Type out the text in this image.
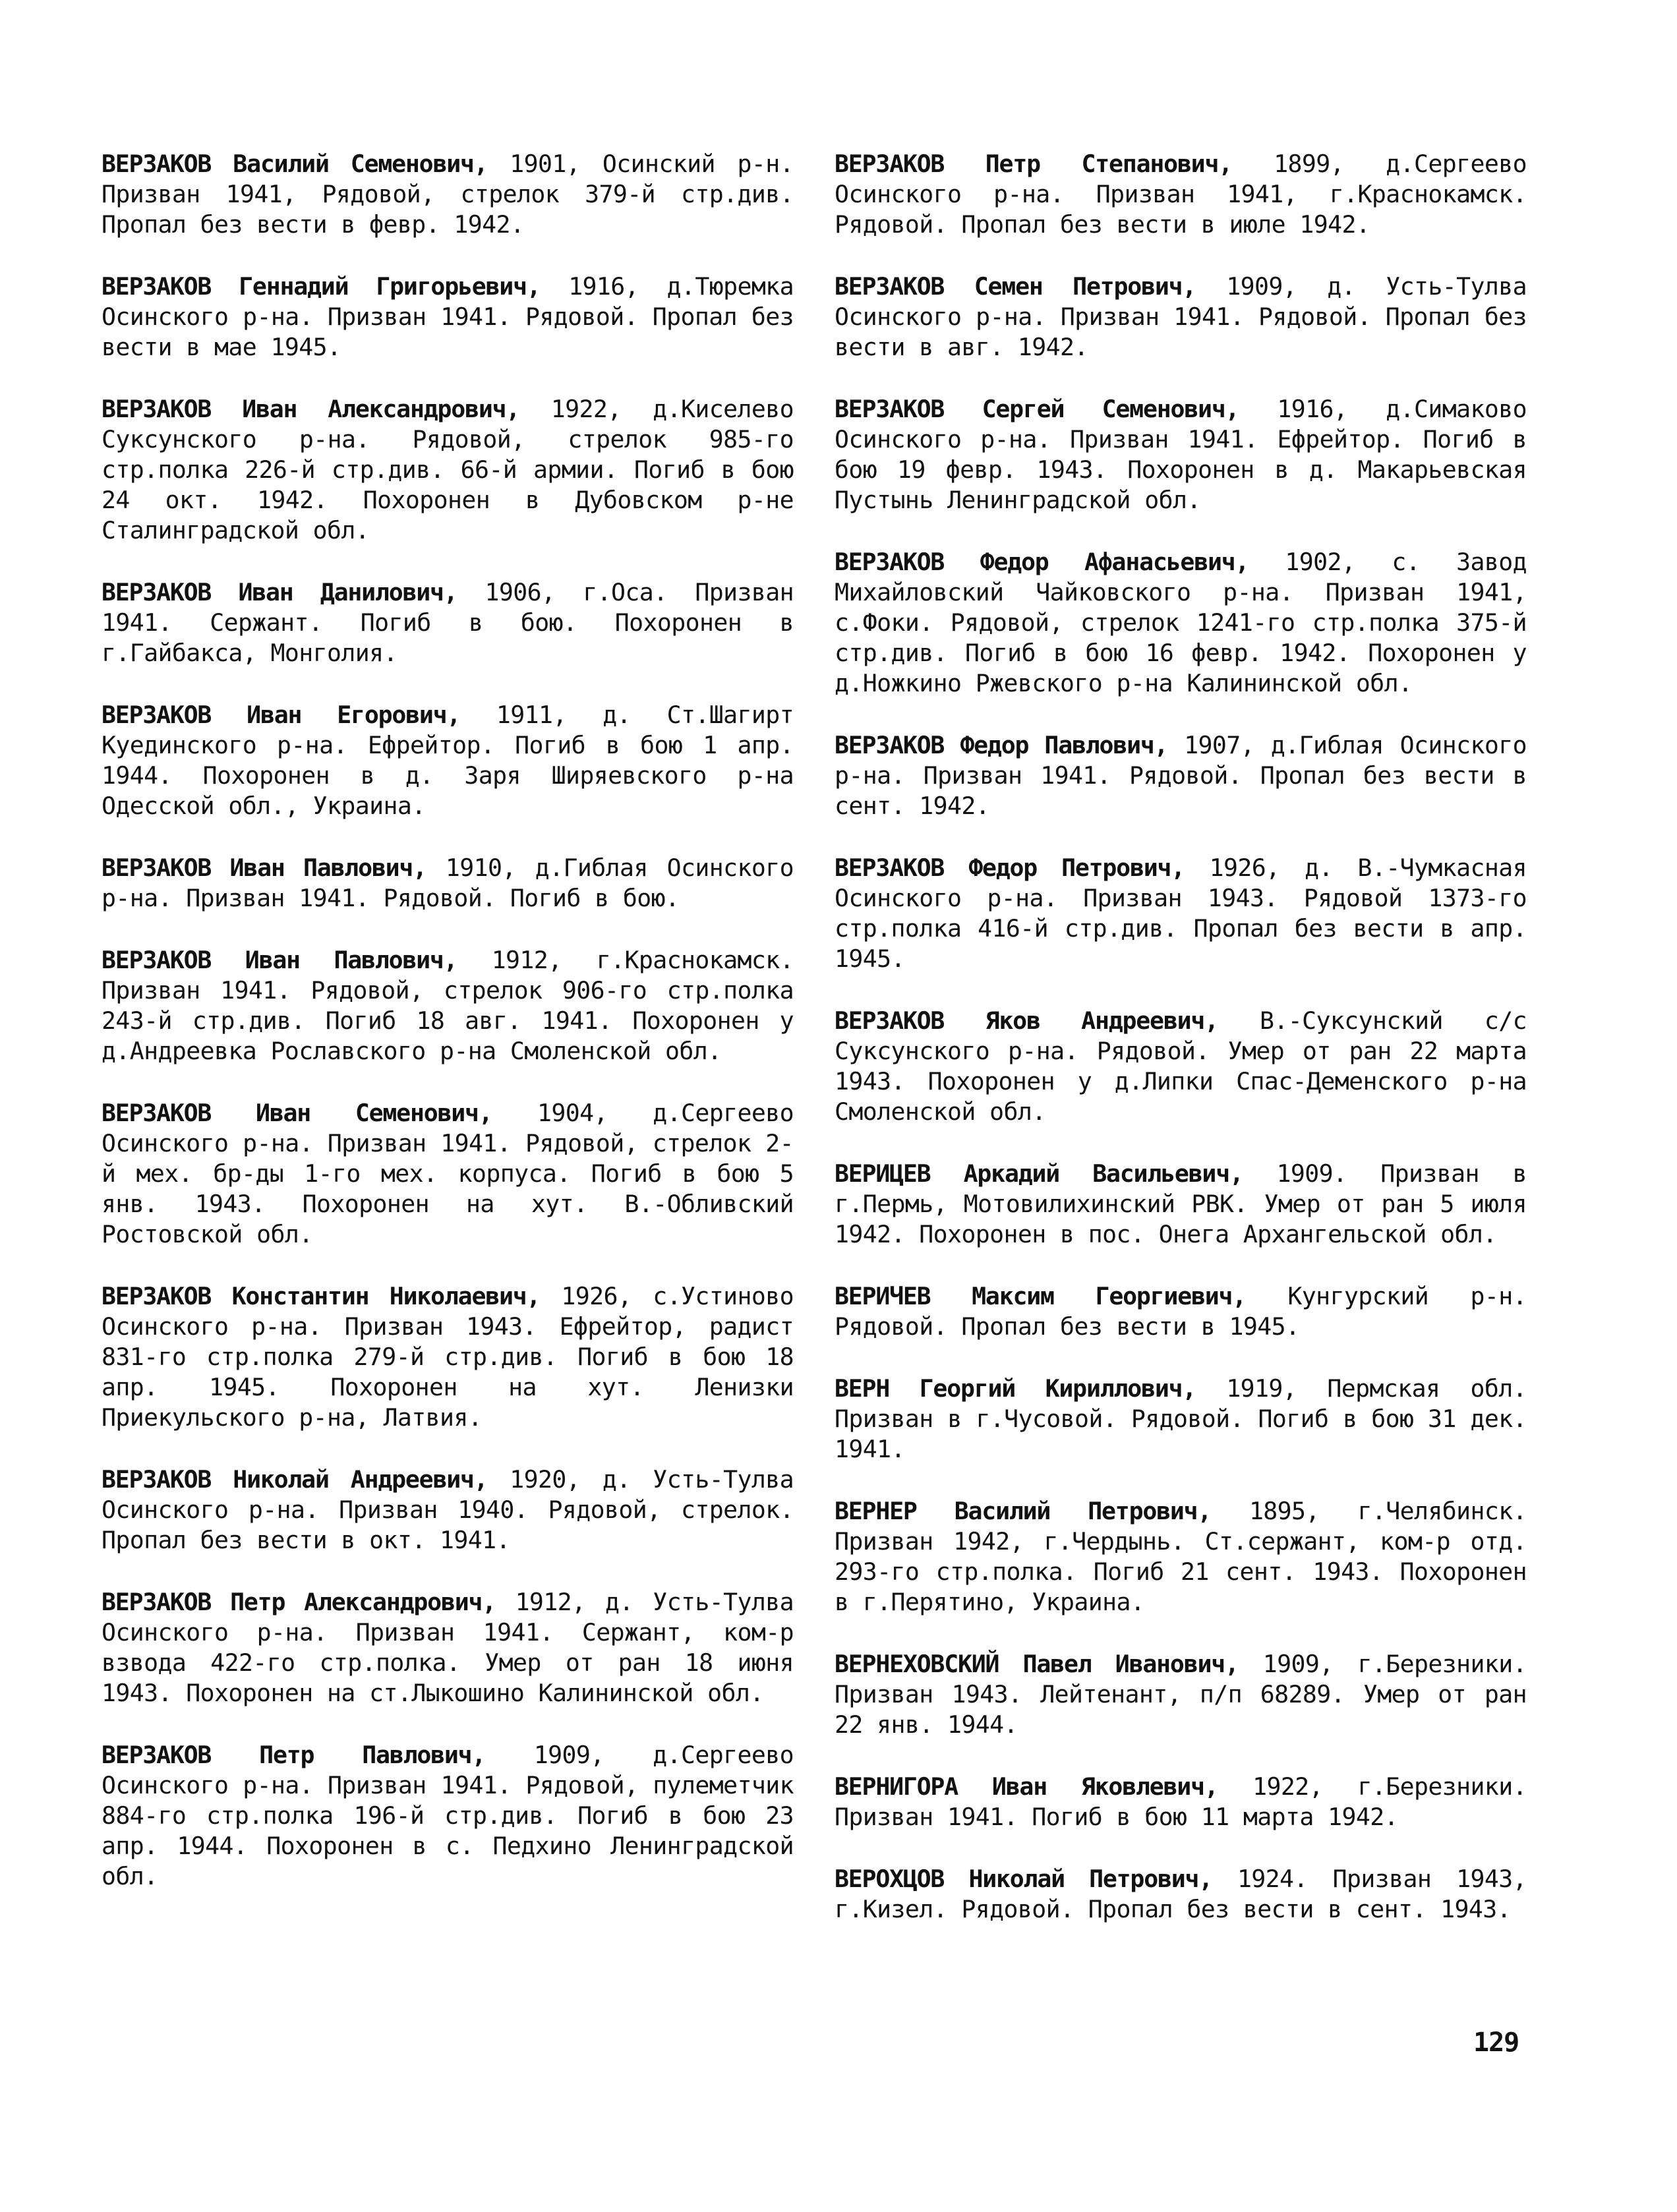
ВЕРЗАКОВ Василий Семенович, 1901, Осинский р-н. Призван 1941, Рядовой, стрелок 379-й стр.див. Пропал без вести в февр. 1942.

ВЕРЗАКОВ Геннадий Григорьевич, 1916, д.Тюремка Осинского р-на. Призван 1941. Рядовой. Пропал без вести в мае 1945.

ВЕРЗАКОВ Иван Александрович, 1922, д.Киселево Суксунского р-на. Рядовой, стрелок 985-го стр.полка 226-й стр.див. 66-й армии. Погиб в бою 24 окт. 1942. Похоронен в Дубовском р-не Сталинградской обл.

ВЕРЗАКОВ Иван Данилович, 1906, г.Оса. Призван 1941. Сержант. Погиб в бою. Похоронен в г.Гайбакса, Монголия.

ВЕРЗАКОВ Иван Егорович, 1911, д. Ст.Шагирт Куединского р-на. Ефрейтор. Погиб в бою 1 апр. 1944. Похоронен в д. Заря Ширяевского р-на Одесской обл., Украина.

ВЕРЗАКОВ Иван Павлович, 1910, д.Гиблая Осинского р-на. Призван 1941. Рядовой. Погиб в бою.

ВЕРЗАКОВ Иван Павлович, 1912, г.Краснокамск. Призван 1941. Рядовой, стрелок 906-го стр.полка 243-й стр.див. Погиб 18 авг. 1941. Похоронен у д.Андреевка Рославского р-на Смоленской обл.

ВЕРЗАКОВ Иван Семенович, 1904, д.Сергеево Осинского р-на. Призван 1941. Рядовой, стрелок 2-й мех. бр-ды 1-го мех. корпуса. Погиб в бою 5 янв. 1943. Похоронен на хут. В.-Обливский Ростовской обл.

ВЕРЗАКОВ Константин Николаевич, 1926, с.Устиново Осинского р-на. Призван 1943. Ефрейтор, радист 831-го стр.полка 279-й стр.див. Погиб в бою 18 апр. 1945. Похоронен на хут. Ленизки Приекульского р-на, Латвия.

ВЕРЗАКОВ Николай Андреевич, 1920, д. Усть-Тулва Осинского р-на. Призван 1940. Рядовой, стрелок. Пропал без вести в окт. 1941.

ВЕРЗАКОВ Петр Александрович, 1912, д. Усть-Тулва Осинского р-на. Призван 1941. Сержант, ком-р взвода 422-го стр.полка. Умер от ран 18 июня 1943. Похоронен на ст.Лыкошино Калининской обл.

ВЕРЗАКОВ Петр Павлович, 1909, д.Сергеево Осинского р-на. Призван 1941. Рядовой, пулеметчик 884-го стр.полка 196-й стр.див. Погиб в бою 23 апр. 1944. Похоронен в с. Педхино Ленинградской обл.

ВЕРЗАКОВ Петр Степанович, 1899, д.Сергеево Осинского р-на. Призван 1941, г.Краснокамск. Рядовой. Пропал без вести в июле 1942.

ВЕРЗАКОВ Семен Петрович, 1909, д. Усть-Тулва Осинского р-на. Призван 1941. Рядовой. Пропал без вести в авг. 1942.

ВЕРЗАКОВ Сергей Семенович, 1916, д.Симаково Осинского р-на. Призван 1941. Ефрейтор. Погиб в бою 19 февр. 1943. Похоронен в д. Макарьевская Пустынь Ленинградской обл.

ВЕРЗАКОВ Федор Афанасьевич, 1902, с. Завод Михайловский Чайковского р-на. Призван 1941, с.Фоки. Рядовой, стрелок 1241-го стр.полка 375-й стр.див. Погиб в бою 16 февр. 1942. Похоронен у д.Ножкино Ржевского р-на Калининской обл.

ВЕРЗАКОВ Федор Павлович, 1907, д.Гиблая Осинского р-на. Призван 1941. Рядовой. Пропал без вести в сент. 1942.

ВЕРЗАКОВ Федор Петрович, 1926, д. В.-Чумкасная Осинского р-на. Призван 1943. Рядовой 1373-го стр.полка 416-й стр.див. Пропал без вести в апр. 1945.

ВЕРЗАКОВ Яков Андреевич, В.-Суксунский с/с Суксунского р-на. Рядовой. Умер от ран 22 марта 1943. Похоронен у д.Липки Спас-Деменского р-на Смоленской обл.

ВЕРИЦЕВ Аркадий Васильевич, 1909. Призван в г.Пермь, Мотовилихинский РВК. Умер от ран 5 июля 1942. Похоронен в пос. Онега Архангельской обл.

ВЕРИЧЕВ Максим Георгиевич, Кунгурский р-н. Рядовой. Пропал без вести в 1945.

ВЕРН Георгий Кириллович, 1919, Пермская обл. Призван в г.Чусовой. Рядовой. Погиб в бою 31 дек. 1941.

ВЕРНЕР Василий Петрович, 1895, г.Челябинск. Призван 1942, г.Чердынь. Ст.сержант, ком-р отд. 293-го стр.полка. Погиб 21 сент. 1943. Похоронен в г.Перятино, Украина.

ВЕРНЕХОВСКИЙ Павел Иванович, 1909, г.Березники. Призван 1943. Лейтенант, п/п 68289. Умер от ран 22 янв. 1944.

ВЕРНИГОРА Иван Яковлевич, 1922, г.Березники. Призван 1941. Погиб в бою 11 марта 1942.

ВЕРОХЦОВ Николай Петрович, 1924. Призван 1943, г.Кизел. Рядовой. Пропал без вести в сент. 1943.

129
